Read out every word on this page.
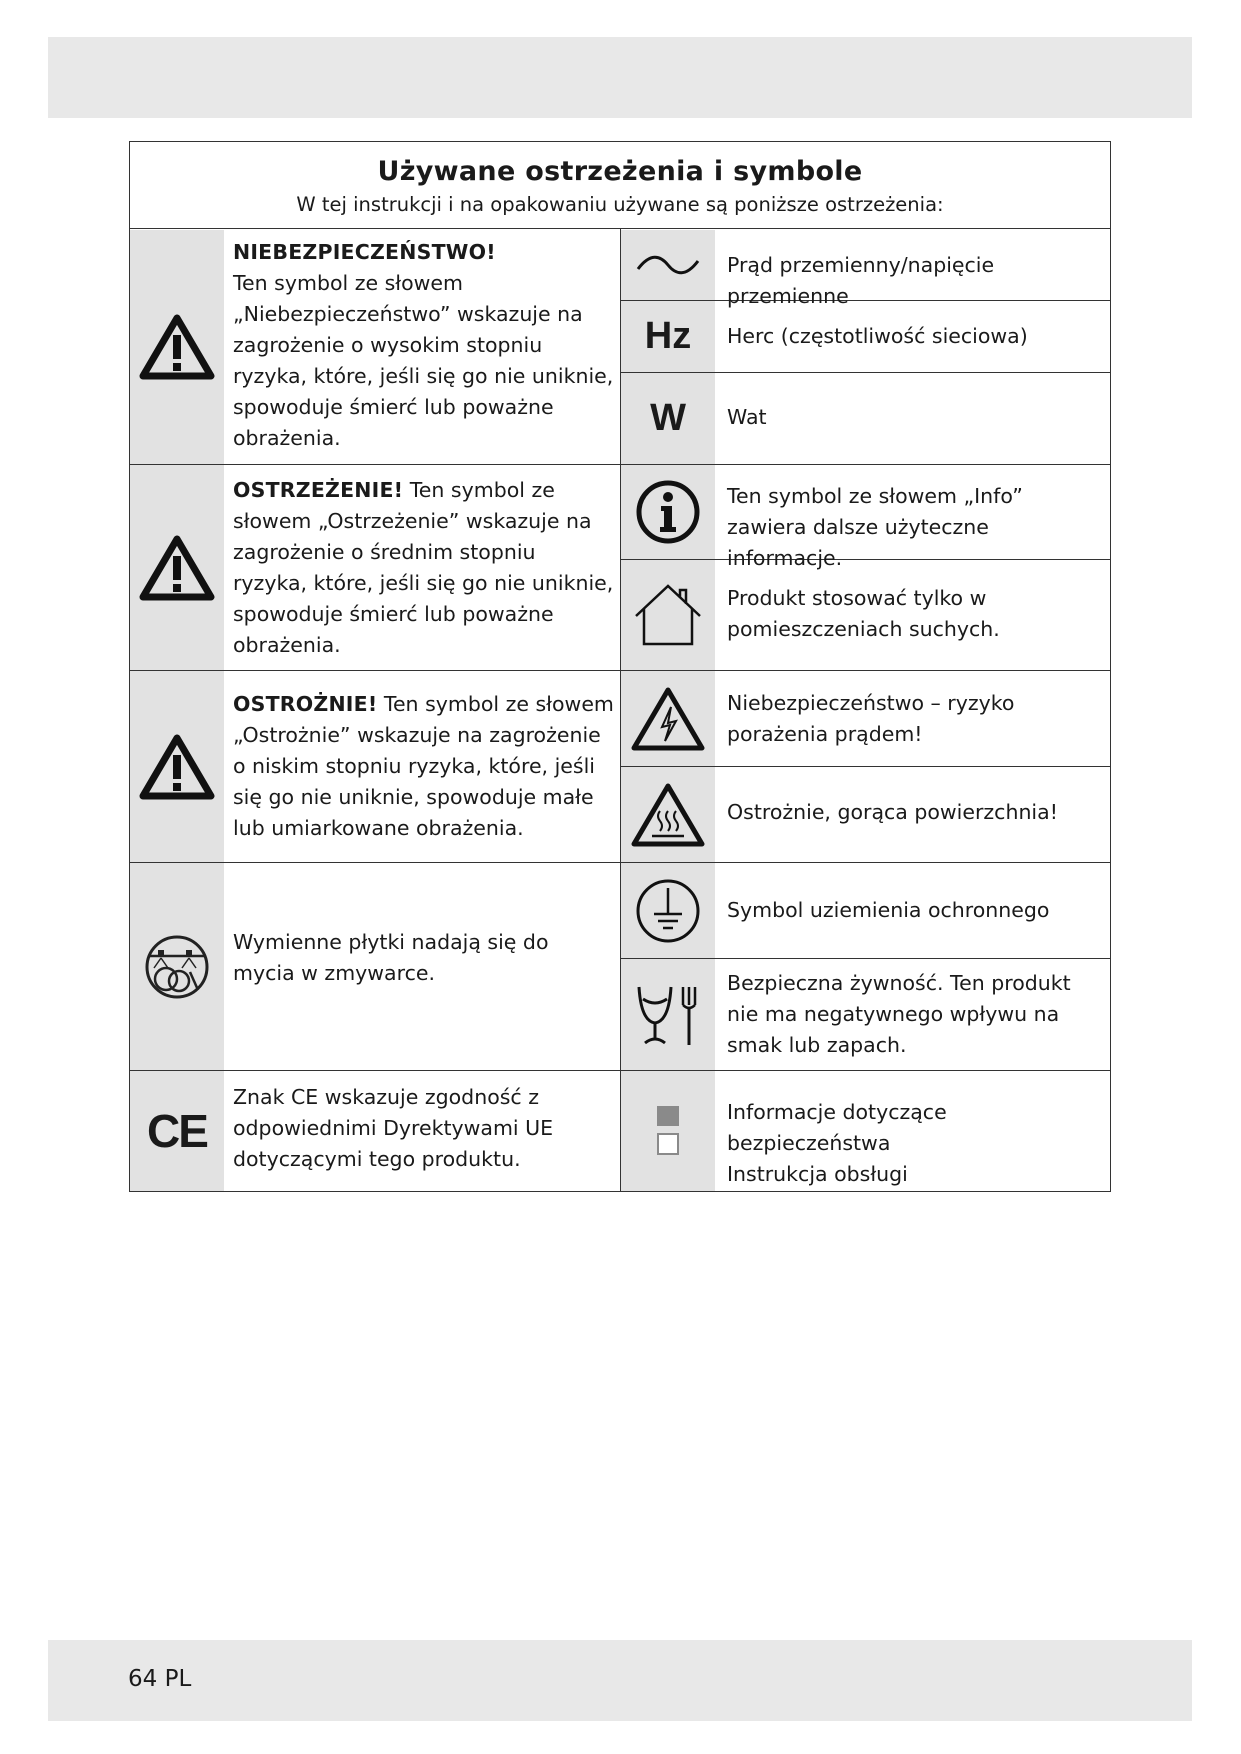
64 PL
Używane ostrzeżenia i symbole
W tej instrukcji i na opakowaniu używane są poniższe ostrzeżenia:
NIEBEZPIECZEŃSTWO!
Ten symbol ze słowem „Niebezpieczeństwo” wskazuje na zagrożenie o wysokim stopniu ryzyka, które, jeśli się go nie uniknie, spowoduje śmierć lub poważne obrażenia.
OSTRZEŻENIE! Ten symbol ze słowem „Ostrzeżenie” wskazuje na zagrożenie o średnim stopniu ryzyka, które, jeśli się go nie uniknie, spowoduje śmierć lub poważne obrażenia.
OSTROŻNIE! Ten symbol ze słowem „Ostrożnie” wskazuje na zagrożenie o niskim stopniu ryzyka, które, jeśli się go nie uniknie, spowoduje małe lub umiarkowane obrażenia.
Wymienne płytki nadają się do mycia w zmywarce.
CE
Znak CE wskazuje zgodność z odpowiednimi Dyrektywami UE dotyczącymi tego produktu.
Prąd przemienny/napięcie przemienne
Hz Herc (częstotliwość sieciowa)
W Wat
Ten symbol ze słowem „Info” zawiera dalsze użyteczne informacje.
Produkt stosować tylko w pomieszczeniach suchych.
Niebezpieczeństwo – ryzyko porażenia prądem!
Ostrożnie, gorąca powierzchnia!
Symbol uziemienia ochronnego
Bezpieczna żywność. Ten produkt nie ma negatywnego wpływu na smak lub zapach.
Informacje dotyczące bezpieczeństwa
Instrukcja obsługi
